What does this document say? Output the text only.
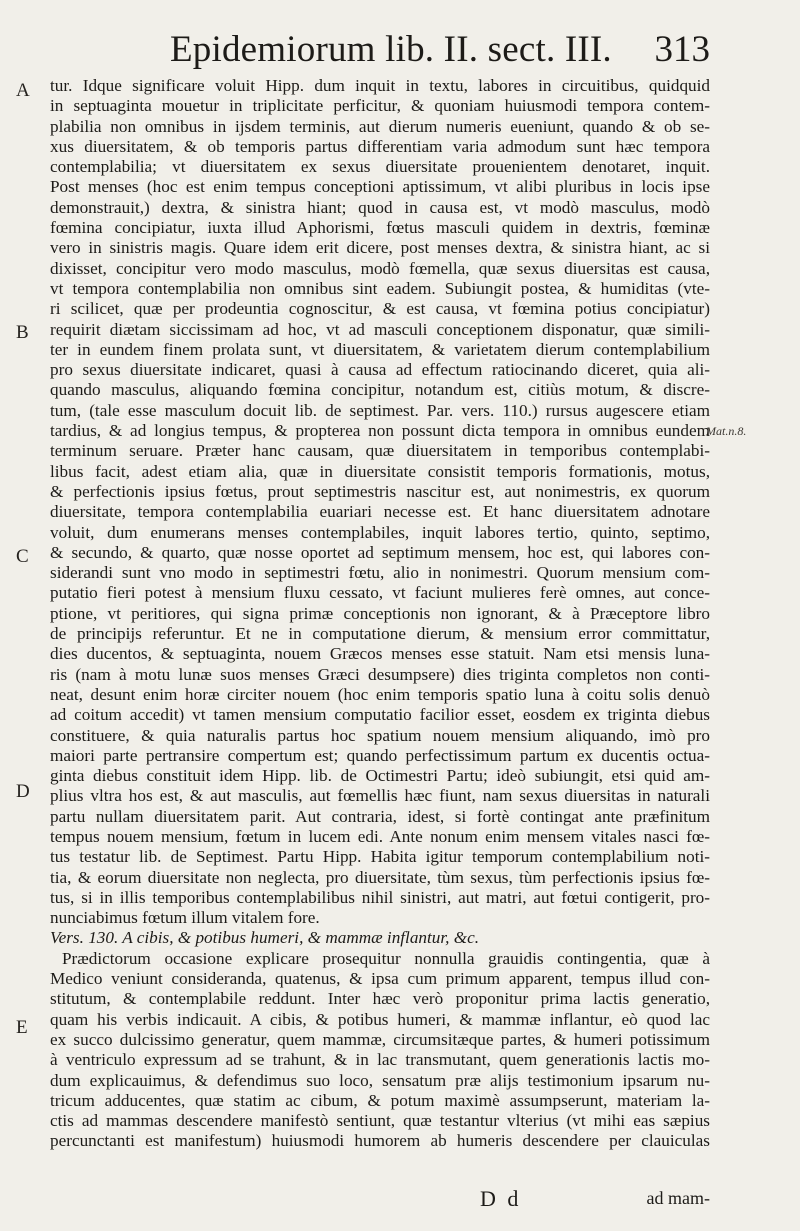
Epidemiorum lib. II. sect. III. 313
A
B
C
D
E
Mat.n.8.
tur. Idque significare voluit Hipp. dum inquit in textu, labores in circuitibus, quidquid
in septuaginta mouetur in triplicitate perficitur, & quoniam huiusmodi tempora contem-
plabilia non omnibus in ijsdem terminis, aut dierum numeris eueniunt, quando & ob se-
xus diuersitatem, & ob temporis partus differentiam varia admodum sunt hæc tempora
contemplabilia; vt diuersitatem ex sexus diuersitate prouenientem denotaret, inquit.
Post menses (hoc est enim tempus conceptioni aptissimum, vt alibi pluribus in locis ipse
demonstrauit,) dextra, & sinistra hiant; quod in causa est, vt modò masculus, modò
fœmina concipiatur, iuxta illud Aphorismi, fœtus masculi quidem in dextris, fœminæ
vero in sinistris magis. Quare idem erit dicere, post menses dextra, & sinistra hiant, ac si
dixisset, concipitur vero modo masculus, modò fœmella, quæ sexus diuersitas est causa,
vt tempora contemplabilia non omnibus sint eadem. Subiungit postea, & humiditas (vte-
ri scilicet, quæ per prodeuntia cognoscitur, & est causa, vt fœmina potius concipiatur)
requirit diætam siccissimam ad hoc, vt ad masculi conceptionem disponatur, quæ simili-
ter in eundem finem prolata sunt, vt diuersitatem, & varietatem dierum contemplabilium
pro sexus diuersitate indicaret, quasi à causa ad effectum ratiocinando diceret, quia ali-
quando masculus, aliquando fœmina concipitur, notandum est, citiùs motum, & discre-
tum, (tale esse masculum docuit lib. de septimest. Par. vers. 110.) rursus augescere etiam
tardius, & ad longius tempus, & propterea non possunt dicta tempora in omnibus eundem
terminum seruare. Præter hanc causam, quæ diuersitatem in temporibus contemplabi-
libus facit, adest etiam alia, quæ in diuersitate consistit temporis formationis, motus,
& perfectionis ipsius fœtus, prout septimestris nascitur est, aut nonimestris, ex quorum
diuersitate, tempora contemplabilia euariari necesse est. Et hanc diuersitatem adnotare
voluit, dum enumerans menses contemplabiles, inquit labores tertio, quinto, septimo,
& secundo, & quarto, quæ nosse oportet ad septimum mensem, hoc est, qui labores con-
siderandi sunt vno modo in septimestri fœtu, alio in nonimestri. Quorum mensium com-
putatio fieri potest à mensium fluxu cessato, vt faciunt mulieres ferè omnes, aut conce-
ptione, vt peritiores, qui signa primæ conceptionis non ignorant, & à Præceptore libro
de principijs referuntur. Et ne in computatione dierum, & mensium error committatur,
dies ducentos, & septuaginta, nouem Græcos menses esse statuit. Nam etsi mensis luna-
ris (nam à motu lunæ suos menses Græci desumpsere) dies triginta completos non conti-
neat, desunt enim horæ circiter nouem (hoc enim temporis spatio luna à coitu solis denuò
ad coitum accedit) vt tamen mensium computatio facilior esset, eosdem ex triginta diebus
constituere, & quia naturalis partus hoc spatium nouem mensium aliquando, imò pro
maiori parte pertransire compertum est; quando perfectissimum partum ex ducentis octua-
ginta diebus constituit idem Hipp. lib. de Octimestri Partu; ideò subiungit, etsi quid am-
plius vltra hos est, & aut masculis, aut fœmellis hæc fiunt, nam sexus diuersitas in naturali
partu nullam diuersitatem parit. Aut contraria, idest, si fortè contingat ante præfinitum
tempus nouem mensium, fœtum in lucem edi. Ante nonum enim mensem vitales nasci fœ-
tus testatur lib. de Septimest. Partu Hipp. Habita igitur temporum contemplabilium noti-
tia, & eorum diuersitate non neglecta, pro diuersitate, tùm sexus, tùm perfectionis ipsius fœ-
tus, si in illis temporibus contemplabilibus nihil sinistri, aut matri, aut fœtui contigerit, pro-
nunciabimus fœtum illum vitalem fore.
Vers. 130. A cibis, & potibus humeri, & mammæ inflantur, &c.
Prædictorum occasione explicare prosequitur nonnulla grauidis contingentia, quæ à
Medico veniunt consideranda, quatenus, & ipsa cum primum apparent, tempus illud con-
stitutum, & contemplabile reddunt. Inter hæc verò proponitur prima lactis generatio,
quam his verbis indicauit. A cibis, & potibus humeri, & mammæ inflantur, eò quod lac
ex succo dulcissimo generatur, quem mammæ, circumsitæque partes, & humeri potissimum
à ventriculo expressum ad se trahunt, & in lac transmutant, quem generationis lactis mo-
dum explicauimus, & defendimus suo loco, sensatum præ alijs testimonium ipsarum nu-
tricum adducentes, quæ statim ac cibum, & potum maximè assumpserunt, materiam la-
ctis ad mammas descendere manifestò sentiunt, quæ testantur vlterius (vt mihi eas sæpius
percunctanti est manifestum) huiusmodi humorem ab humeris descendere per clauiculas
D d	ad mam-
